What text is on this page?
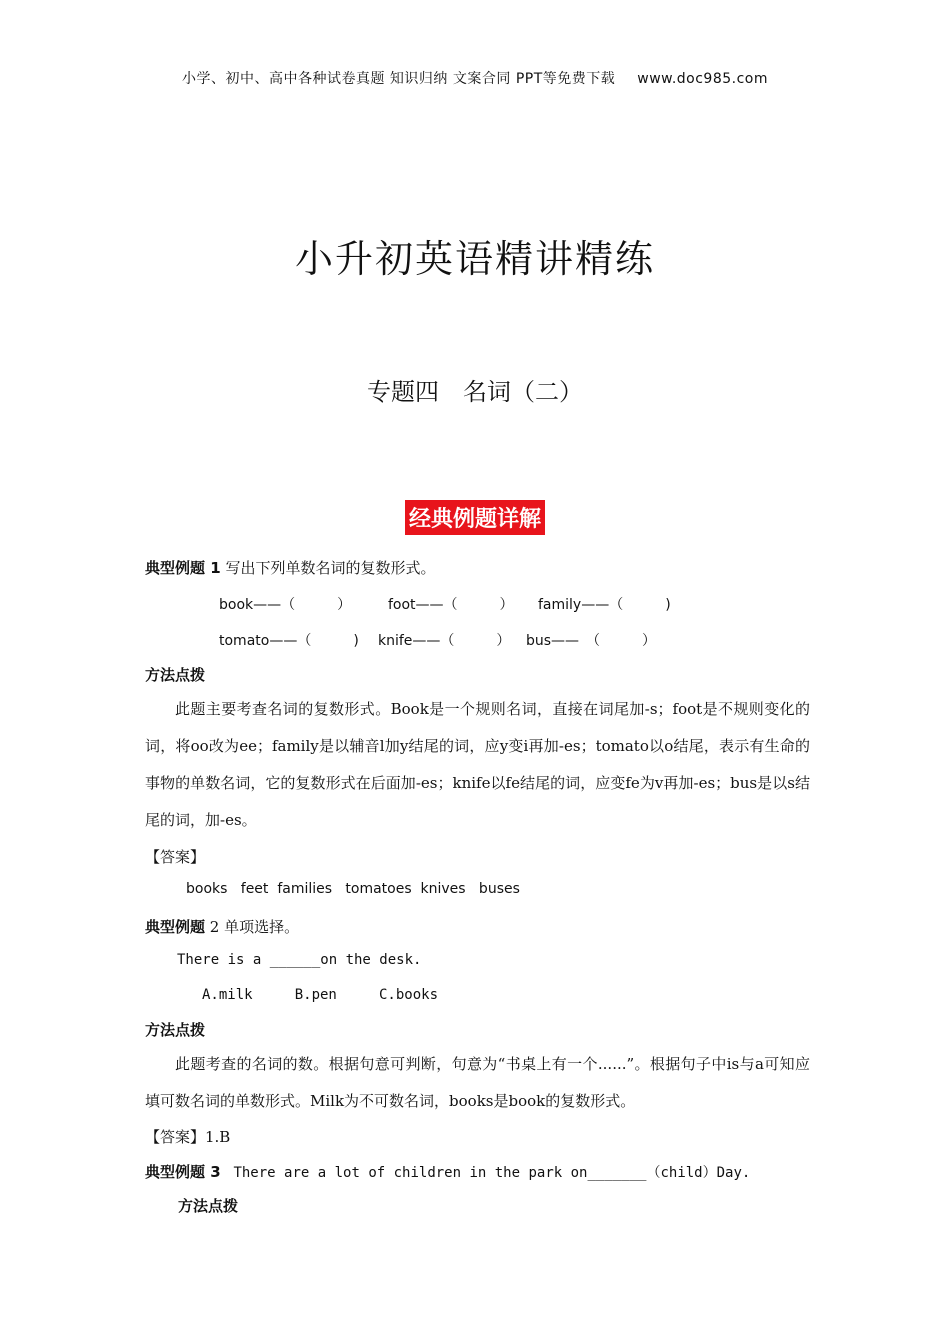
小学、初中、高中各种试卷真题 知识归纳 文案合同 PPT等免费下载 www.doc985.com
小升初英语精讲精练
专题四　名词（二）
经典例题详解
典型例题 1 写出下列单数名词的复数形式。
book——（　　　）	foot——（　　　） family——（　　　)
tomato——（　　　) knife——（　　　） bus——　（　　　）
方法点拨
此题主要考查名词的复数形式。Book是一个规则名词，直接在词尾加-s；foot是不规则变化的词，将oo改为ee；family是以辅音l加y结尾的词，应y变i再加-es；tomato以o结尾，表示有生命的事物的单数名词，它的复数形式在后面加-es；knife以fe结尾的词，应变fe为v再加-es；bus是以s结尾的词，加-es。
【答案】
books   feet  families   tomatoes  knives   buses
典型例题 2 单项选择。
There is a ______on the desk.
A.milk     B.pen     C.books
方法点拨
此题考查的名词的数。根据句意可判断，句意为“书桌上有一个......”。根据句子中is与a可知应填可数名词的单数形式。Milk为不可数名词，books是book的复数形式。
【答案】1.B
典型例题 3 There are a lot of children in the park on_______（child）Day.
方法点拨
